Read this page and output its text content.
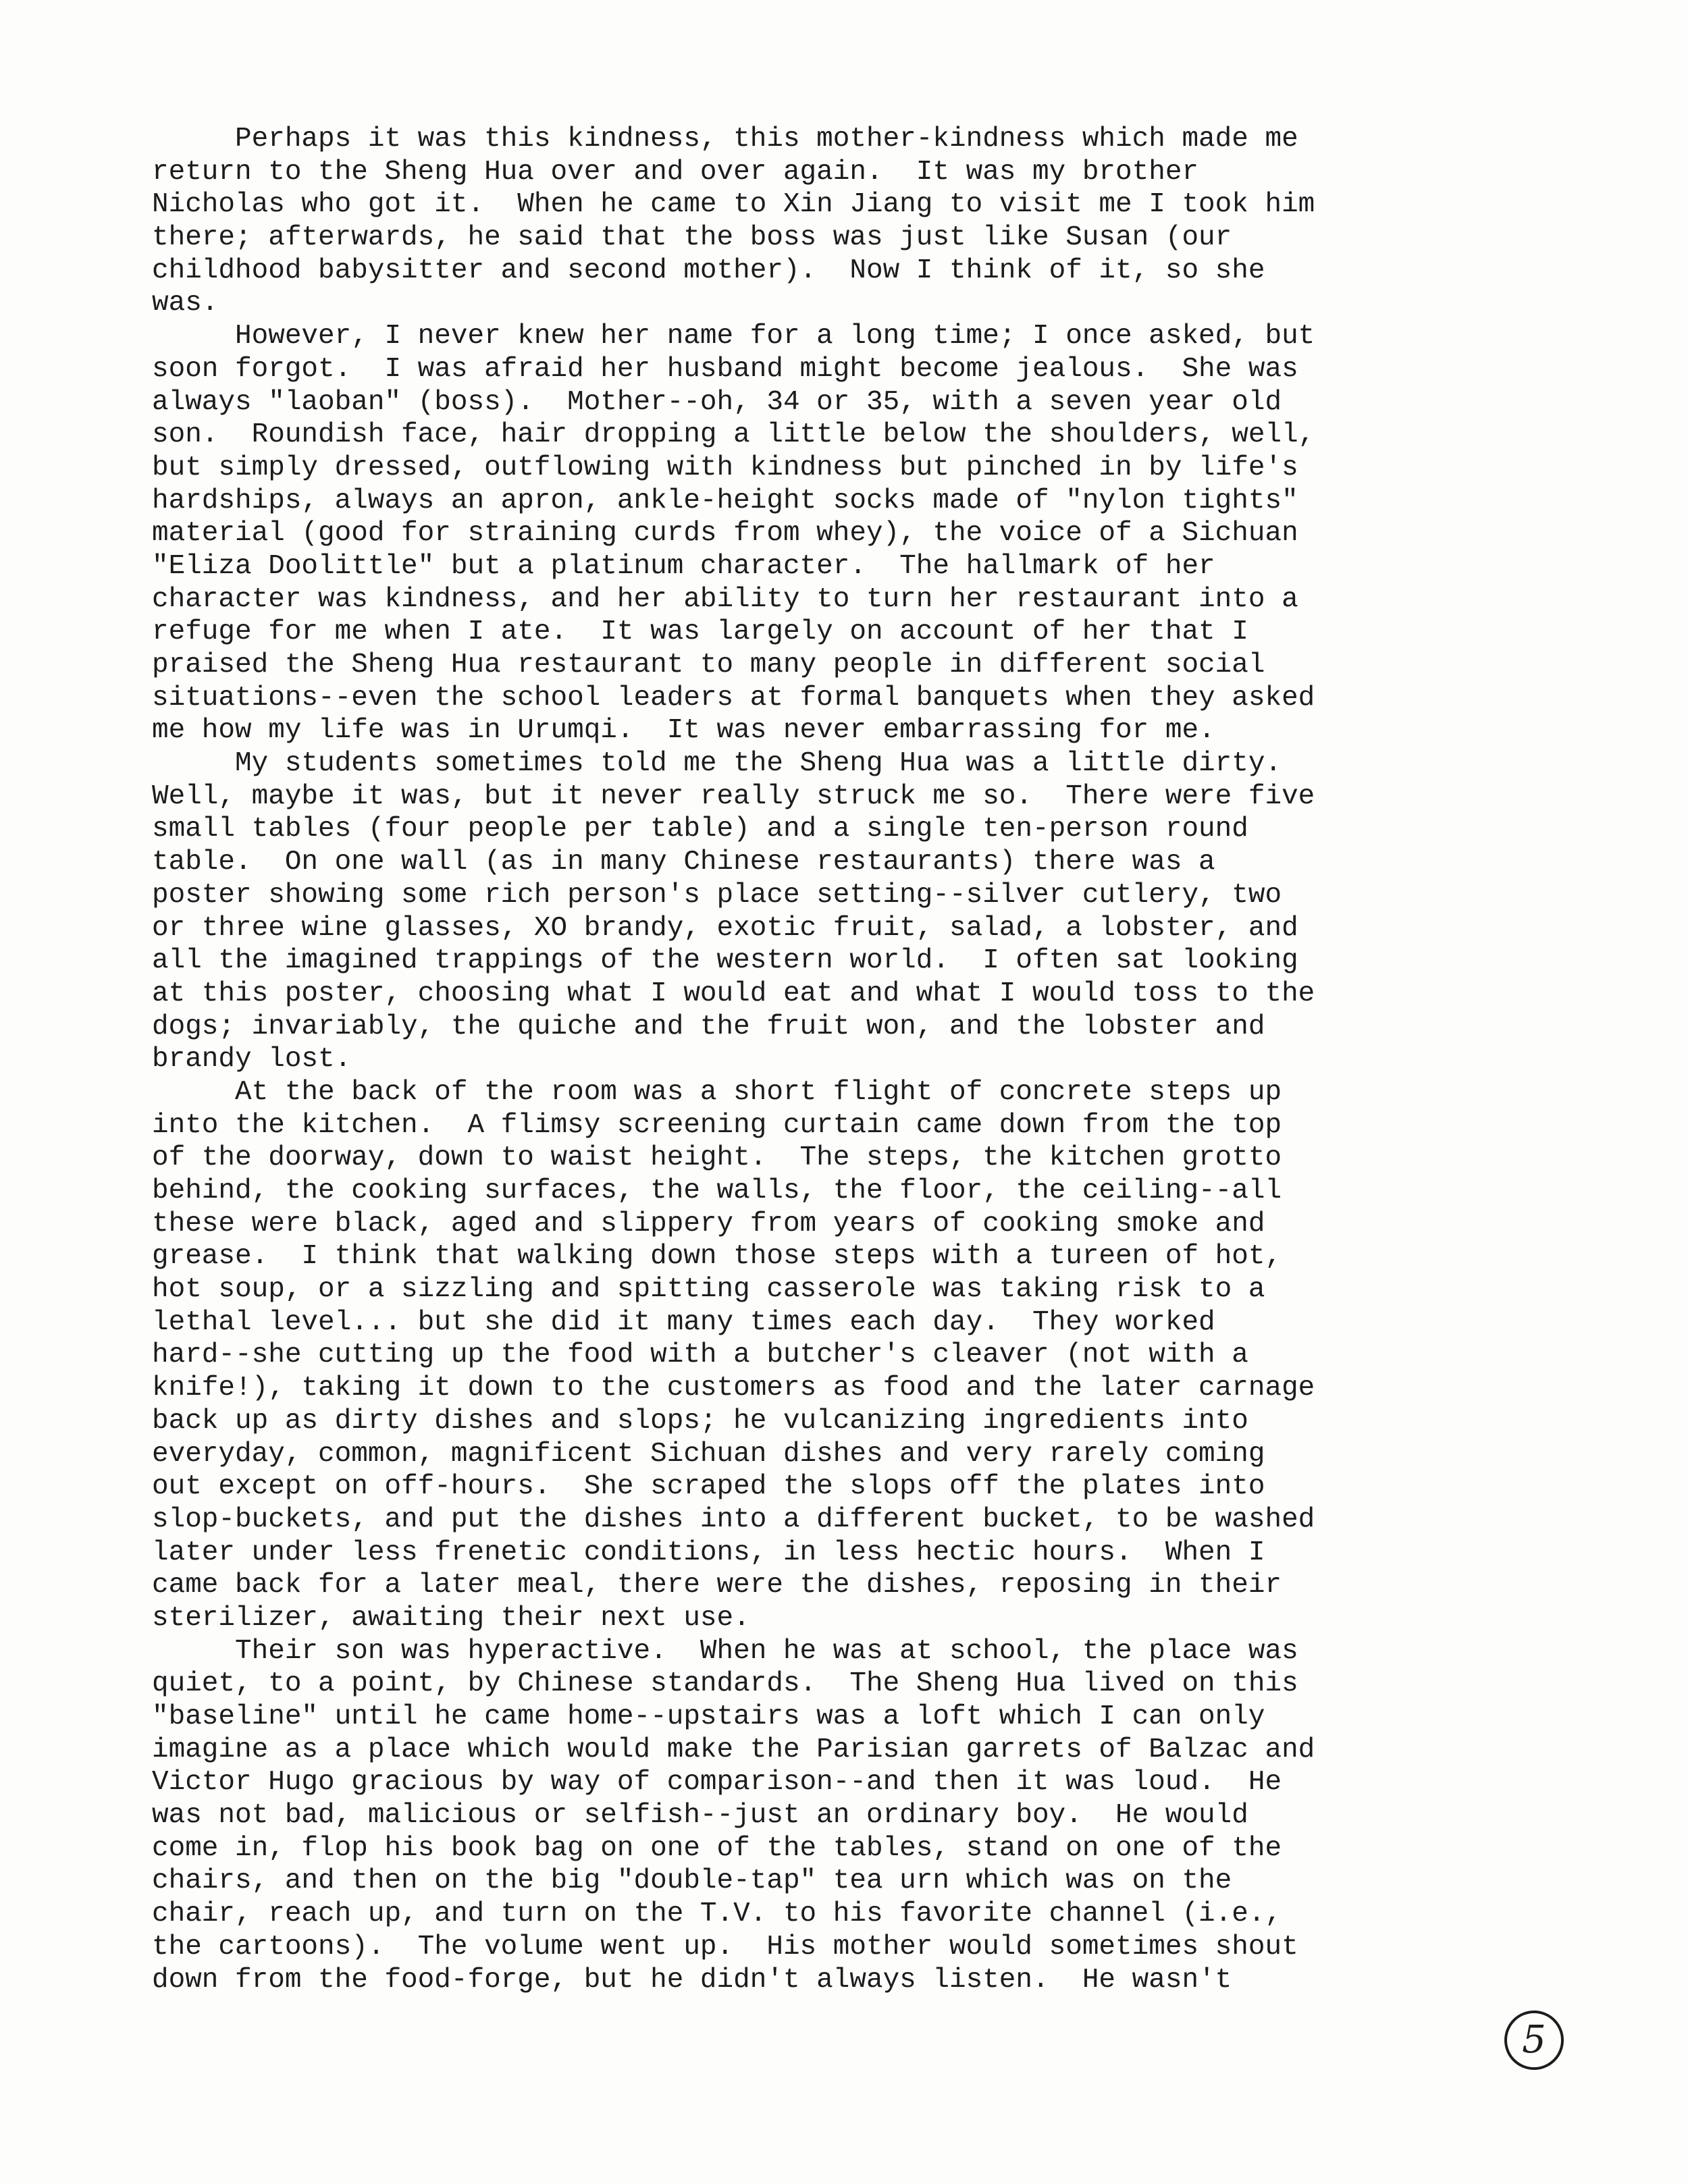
Perhaps it was this kindness, this mother-kindness which made me
return to the Sheng Hua over and over again.  It was my brother
Nicholas who got it.  When he came to Xin Jiang to visit me I took him
there; afterwards, he said that the boss was just like Susan (our
childhood babysitter and second mother).  Now I think of it, so she
was.
However, I never knew her name for a long time; I once asked, but
soon forgot.  I was afraid her husband might become jealous.  She was
always "laoban" (boss).  Mother--oh, 34 or 35, with a seven year old
son.  Roundish face, hair dropping a little below the shoulders, well,
but simply dressed, outflowing with kindness but pinched in by life's
hardships, always an apron, ankle-height socks made of "nylon tights"
material (good for straining curds from whey), the voice of a Sichuan
"Eliza Doolittle" but a platinum character.  The hallmark of her
character was kindness, and her ability to turn her restaurant into a
refuge for me when I ate.  It was largely on account of her that I
praised the Sheng Hua restaurant to many people in different social
situations--even the school leaders at formal banquets when they asked
me how my life was in Urumqi.  It was never embarrassing for me.
My students sometimes told me the Sheng Hua was a little dirty.
Well, maybe it was, but it never really struck me so.  There were five
small tables (four people per table) and a single ten-person round
table.  On one wall (as in many Chinese restaurants) there was a
poster showing some rich person's place setting--silver cutlery, two
or three wine glasses, XO brandy, exotic fruit, salad, a lobster, and
all the imagined trappings of the western world.  I often sat looking
at this poster, choosing what I would eat and what I would toss to the
dogs; invariably, the quiche and the fruit won, and the lobster and
brandy lost.
At the back of the room was a short flight of concrete steps up
into the kitchen.  A flimsy screening curtain came down from the top
of the doorway, down to waist height.  The steps, the kitchen grotto
behind, the cooking surfaces, the walls, the floor, the ceiling--all
these were black, aged and slippery from years of cooking smoke and
grease.  I think that walking down those steps with a tureen of hot,
hot soup, or a sizzling and spitting casserole was taking risk to a
lethal level... but she did it many times each day.  They worked
hard--she cutting up the food with a butcher's cleaver (not with a
knife!), taking it down to the customers as food and the later carnage
back up as dirty dishes and slops; he vulcanizing ingredients into
everyday, common, magnificent Sichuan dishes and very rarely coming
out except on off-hours.  She scraped the slops off the plates into
slop-buckets, and put the dishes into a different bucket, to be washed
later under less frenetic conditions, in less hectic hours.  When I
came back for a later meal, there were the dishes, reposing in their
sterilizer, awaiting their next use.
Their son was hyperactive.  When he was at school, the place was
quiet, to a point, by Chinese standards.  The Sheng Hua lived on this
"baseline" until he came home--upstairs was a loft which I can only
imagine as a place which would make the Parisian garrets of Balzac and
Victor Hugo gracious by way of comparison--and then it was loud.  He
was not bad, malicious or selfish--just an ordinary boy.  He would
come in, flop his book bag on one of the tables, stand on one of the
chairs, and then on the big "double-tap" tea urn which was on the
chair, reach up, and turn on the T.V. to his favorite channel (i.e.,
the cartoons).  The volume went up.  His mother would sometimes shout
down from the food-forge, but he didn't always listen.  He wasn't
5
